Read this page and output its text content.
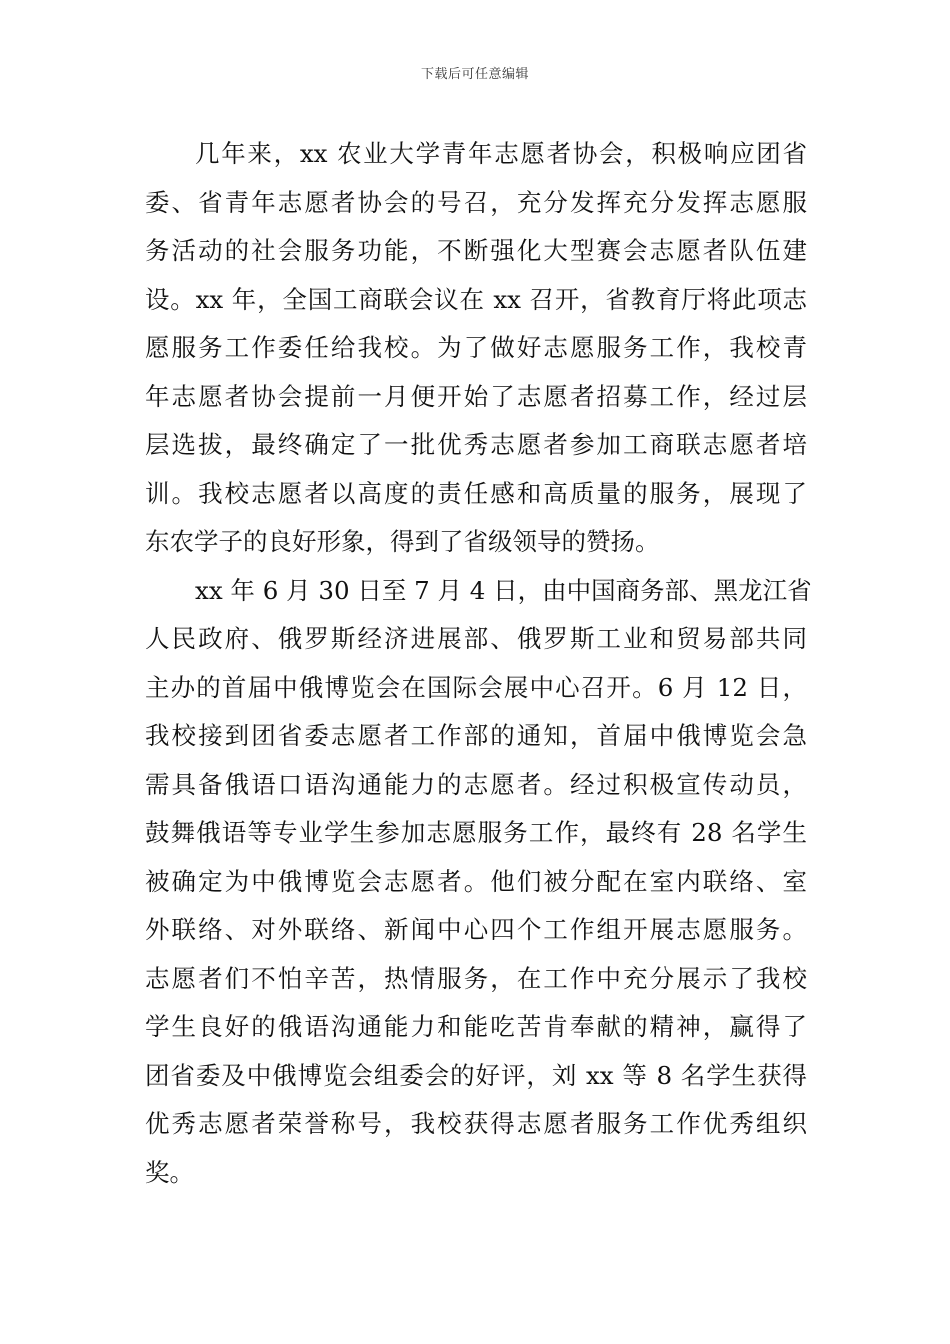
下载后可任意编辑
几年来，xx 农业大学青年志愿者协会，积极响应团省
委、省青年志愿者协会的号召，充分发挥充分发挥志愿服
务活动的社会服务功能，不断强化大型赛会志愿者队伍建
设。xx 年，全国工商联会议在 xx 召开，省教育厅将此项志
愿服务工作委任给我校。为了做好志愿服务工作，我校青
年志愿者协会提前一月便开始了志愿者招募工作，经过层
层选拔，最终确定了一批优秀志愿者参加工商联志愿者培
训。我校志愿者以高度的责任感和高质量的服务，展现了
东农学子的良好形象，得到了省级领导的赞扬。
xx 年 6 月 30 日至 7 月 4 日，由中国商务部、黑龙江省
人民政府、俄罗斯经济进展部、俄罗斯工业和贸易部共同
主办的首届中俄博览会在国际会展中心召开。6 月 12 日，
我校接到团省委志愿者工作部的通知，首届中俄博览会急
需具备俄语口语沟通能力的志愿者。经过积极宣传动员，
鼓舞俄语等专业学生参加志愿服务工作，最终有 28 名学生
被确定为中俄博览会志愿者。他们被分配在室内联络、室
外联络、对外联络、新闻中心四个工作组开展志愿服务。
志愿者们不怕辛苦，热情服务，在工作中充分展示了我校
学生良好的俄语沟通能力和能吃苦肯奉献的精神，赢得了
团省委及中俄博览会组委会的好评，刘 xx 等 8 名学生获得
优秀志愿者荣誉称号，我校获得志愿者服务工作优秀组织
奖。
